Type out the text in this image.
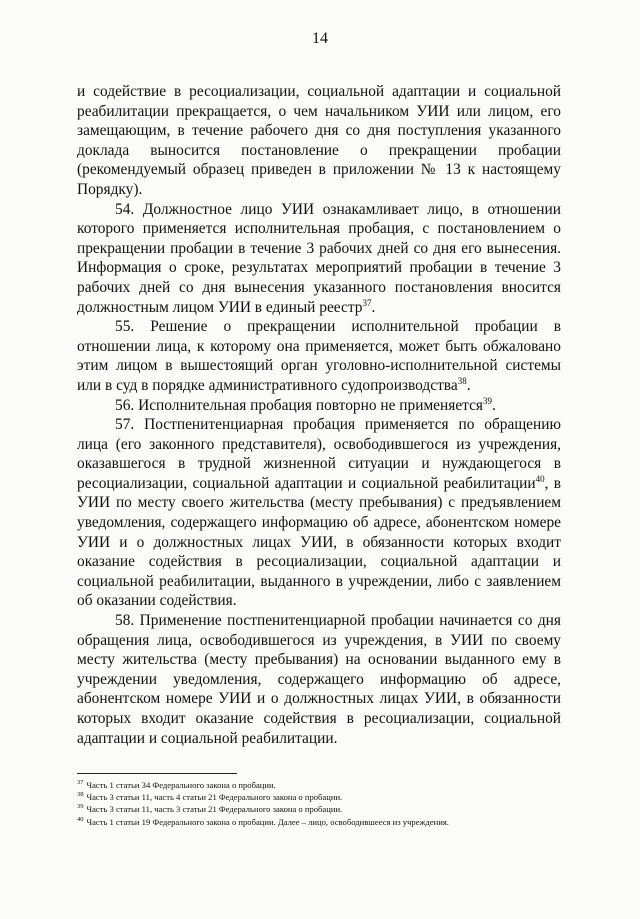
14

и содействие в ресоциализации, социальной адаптации и социальной реабилитации прекращается, о чем начальником УИИ или лицом, его замещающим, в течение рабочего дня со дня поступления указанного доклада выносится постановление о прекращении пробации (рекомендуемый образец приведен в приложении № 13 к настоящему Порядку).

54. Должностное лицо УИИ ознакамливает лицо, в отношении которого применяется исполнительная пробация, с постановлением о прекращении пробации в течение 3 рабочих дней со дня его вынесения. Информация о сроке, результатах мероприятий пробации в течение 3 рабочих дней со дня вынесения указанного постановления вносится должностным лицом УИИ в единый реестр$^{37}$.

55. Решение о прекращении исполнительной пробации в отношении лица, к которому она применяется, может быть обжаловано этим лицом в вышестоящий орган уголовно-исполнительной системы или в суд в порядке административного судопроизводства$^{38}$.

56. Исполнительная пробация повторно не применяется$^{39}$.

57. Постпенитенциарная пробация применяется по обращению лица (его законного представителя), освободившегося из учреждения, оказавшегося в трудной жизненной ситуации и нуждающегося в ресоциализации, социальной адаптации и социальной реабилитации$^{40}$, в УИИ по месту своего жительства (месту пребывания) с предъявлением уведомления, содержащего информацию об адресе, абонентском номере УИИ и о должностных лицах УИИ, в обязанности которых входит оказание содействия в ресоциализации, социальной адаптации и социальной реабилитации, выданного в учреждении, либо с заявлением об оказании содействия.

58. Применение постпенитенциарной пробации начинается со дня обращения лица, освободившегося из учреждения, в УИИ по своему месту жительства (месту пребывания) на основании выданного ему в учреждении уведомления, содержащего информацию об адресе, абонентском номере УИИ и о должностных лицах УИИ, в обязанности которых входит оказание содействия в ресоциализации, социальной адаптации и социальной реабилитации.

$^{37}$ Часть 1 статьи 34 Федерального закона о пробации.
$^{38}$ Часть 3 статьи 11, часть 4 статьи 21 Федерального закона о пробации.
$^{39}$ Часть 3 статьи 11, часть 3 статьи 21 Федерального закона о пробации.
$^{40}$ Часть 1 статьи 19 Федерального закона о пробации. Далее – лицо, освободившееся из учреждения.
